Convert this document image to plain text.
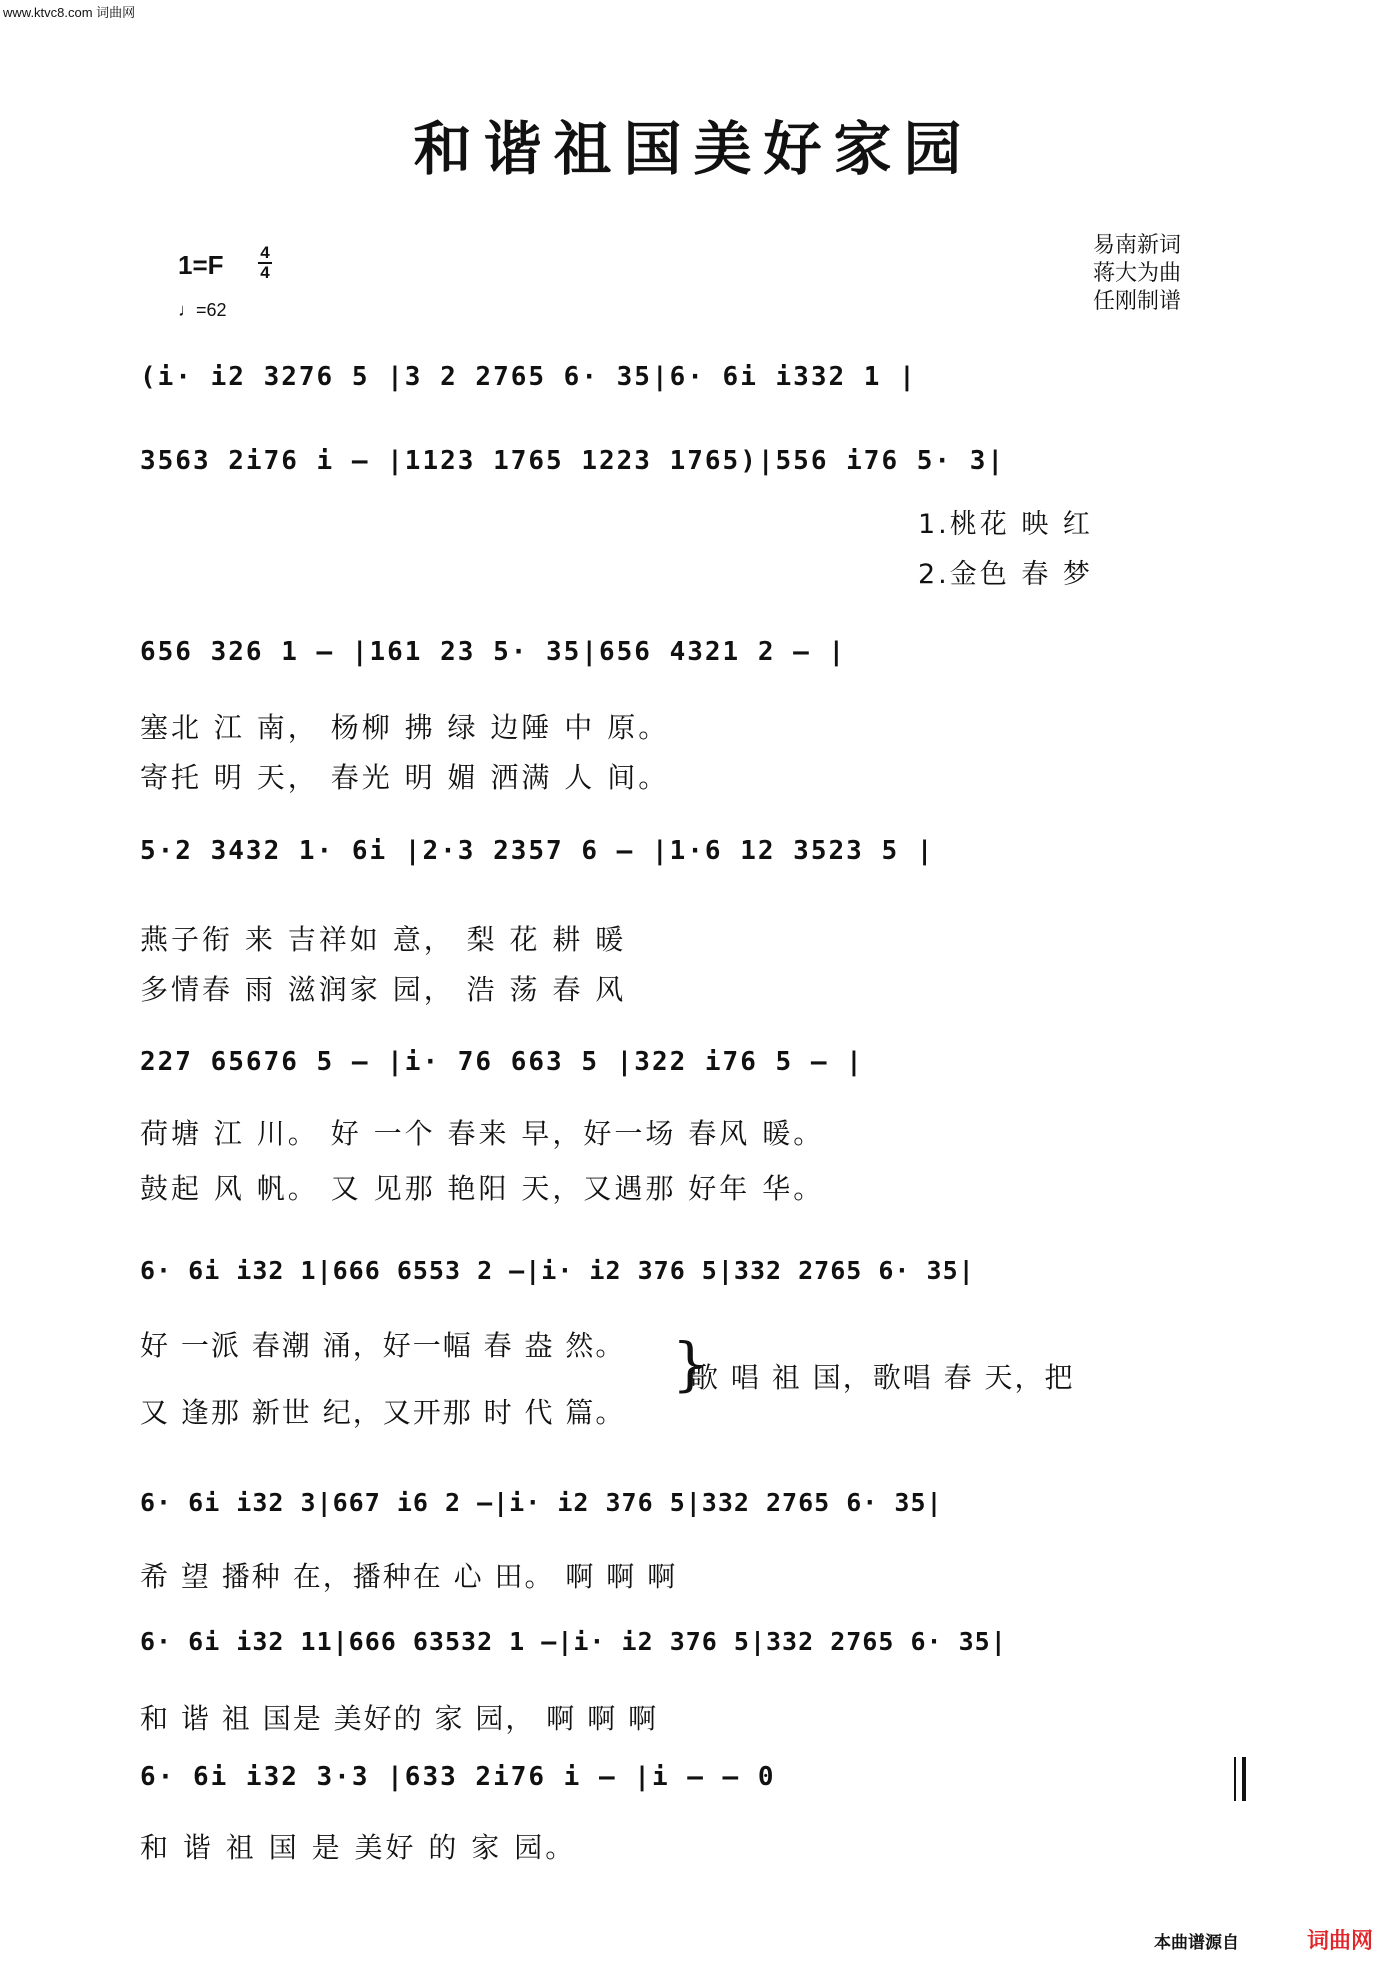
www.ktvc8.com 词曲网
和谐祖国美好家园
1=F 4
4
♩=62
易南新词
蒋大为曲
任刚制谱
(i· i2 3276 5 |3 2 2765 6· 35|6· 6i i332 1 |
3563 2i76 i – |1123 1765 1223 1765)|556 i76 5· 3|
1.桃花 映 红
2.金色 春 梦
656 326 1 – |161 23 5· 35|656 4321 2 – |
塞北 江 南， 杨柳 拂 绿 边陲 中 原。
寄托 明 天， 春光 明 媚 洒满 人 间。
5·2 3432 1· 6i |2·3 2357 6 – |1·6 12 3523 5 |
燕子衔 来 吉祥如 意， 梨 花 耕 暖
多情春 雨 滋润家 园， 浩 荡 春 风
227 65676 5 – |i· 76 663 5 |322 i76 5 – |
荷塘 江 川。 好 一个 春来 早，好一场 春风 暖。
鼓起 风 帆。 又 见那 艳阳 天，又遇那 好年 华。
6· 6i i32 1|666 6553 2 –|i· i2 376 5|332 2765 6· 35|
好 一派 春潮 涌，好一幅 春 盎 然。
又 逢那 新世 纪，又开那 时 代 篇。
}
歌 唱 祖 国，歌唱 春 天，把
6· 6i i32 3|667 i6 2 –|i· i2 376 5|332 2765 6· 35|
希 望 播种 在，播种在 心 田。 啊 啊 啊
6· 6i i32 11|666 63532 1 –|i· i2 376 5|332 2765 6· 35|
和 谐 祖 国是 美好的 家 园， 啊 啊 啊
6· 6i i32 3·3 |633 2i76 i – |i – – 0
和 谐 祖 国 是 美好 的 家 园。
本曲谱源自	词曲网
